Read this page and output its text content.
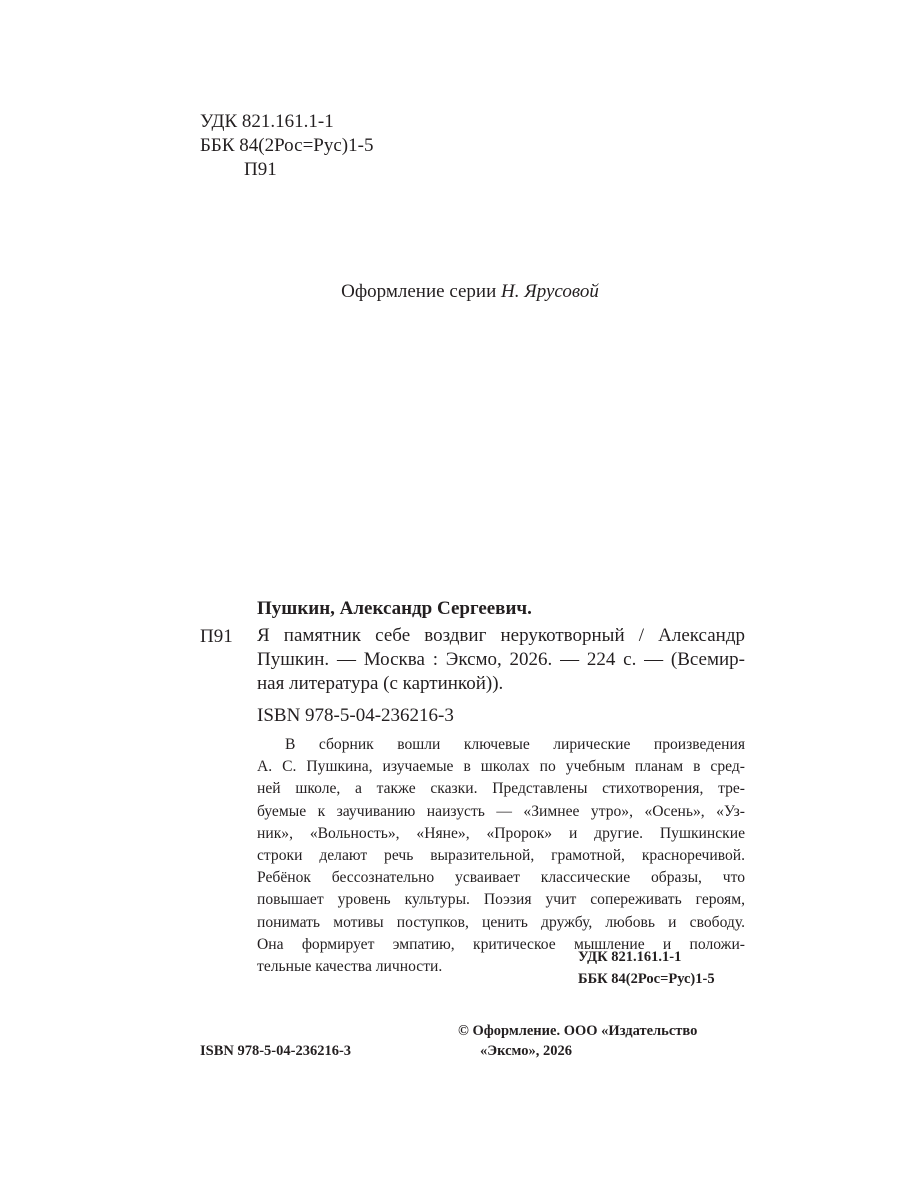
УДК 821.161.1-1
ББК 84(2Рос=Рус)1-5
П91
Оформление серии Н. Ярусовой
Пушкин, Александр Сергеевич.
П91 Я памятник себе воздвиг нерукотворный / Александр
Пушкин. — Москва : Эксмо, 2026. — 224 с. — (Всемир-
ная литература (с картинкой)).
ISBN 978-5-04-236216-3
В сборник вошли ключевые лирические произведения
А. С. Пушкина, изучаемые в школах по учебным планам в сред-
ней школе, а также сказки. Представлены стихотворения, тре-
буемые к заучиванию наизусть — «Зимнее утро», «Осень», «Уз-
ник», «Вольность», «Няне», «Пророк» и другие. Пушкинские
строки делают речь выразительной, грамотной, красноречивой.
Ребёнок бессознательно усваивает классические образы, что
повышает уровень культуры. Поэзия учит сопереживать героям,
понимать мотивы поступков, ценить дружбу, любовь и свободу.
Она формирует эмпатию, критическое мышление и положи-
тельные качества личности.
УДК 821.161.1-1
ББК 84(2Рос=Рус)1-5
© Оформление. ООО «Издательство
«Эксмо», 2026
ISBN 978-5-04-236216-3
